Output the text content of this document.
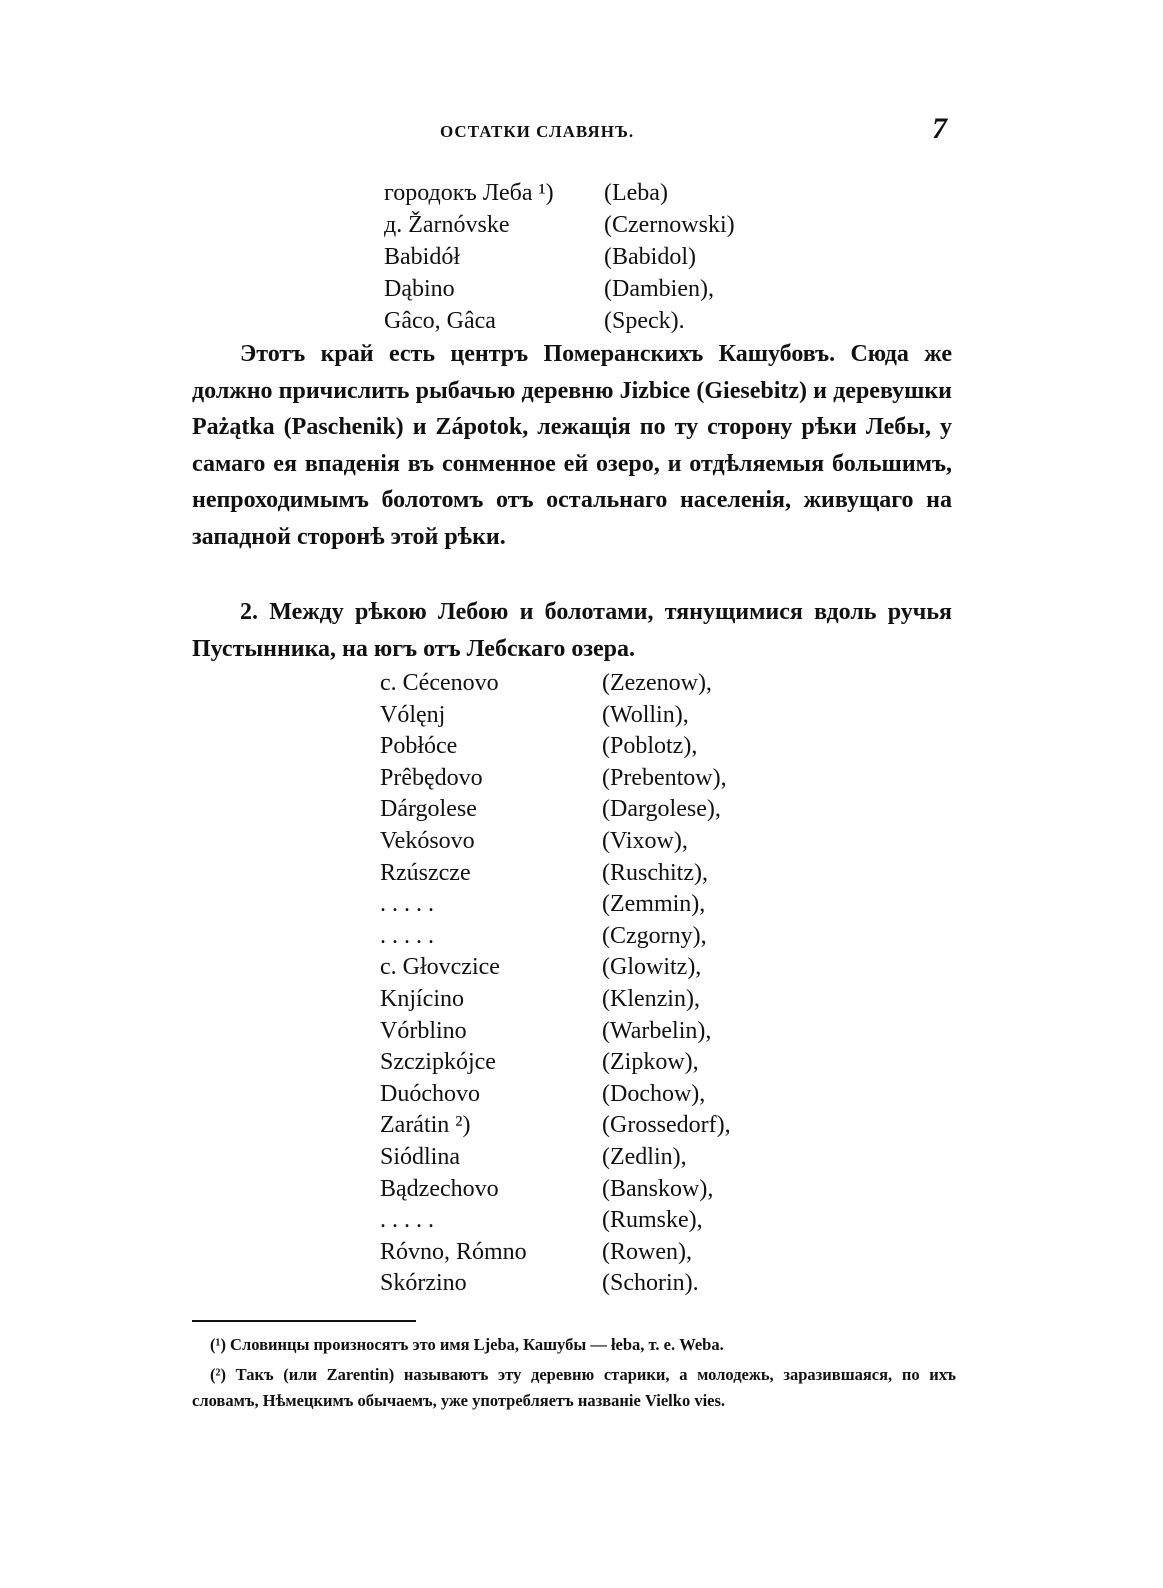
ОСТАТКИ СЛАВЯНЪ.	7
городокъ Леба ¹) (Leba)
д. Žarnóvske	(Czernowski)
Babidół	(Babidol)
Dąbino	(Dambien),
Gâco, Gâca	(Speck).
Этотъ край есть центръ Померанскихъ Кашубовъ. Сюда же должно причислить рыбачью деревню Jizbice (Giesebitz) и деревушки Pażątka (Paschenik) и Zápotok, лежащія по ту сторону рѣки Лебы, у самаго ея впаденія въ сонменное ей озеро, и отдѣляемыя большимъ, непроходимымъ болотомъ отъ остальнаго населенія, живущаго на западной сторонѣ этой рѣки.
2. Между рѣкою Лебою и болотами, тянущимися вдоль ручья Пустынника, на югъ отъ Лебскаго озера.
с. Cécenovo	(Zezenow),
Vólęnj	(Wollin),
Pobłóce	(Poblotz),
Prêbędovo	(Prebentow),
Dárgolese	(Dargolese),
Vekósovo	(Vixow),
Rzúszcze	(Ruschitz),
. . . . .	(Zemmin),
. . . . .	(Czgorny),
с. Głovczice	(Glowitz),
Knjícino	(Klenzin),
Vórblino	(Warbelin),
Szczipkójce	(Zipkow),
Duóchovo	(Dochow),
Zarátin ²)	(Grossedorf),
Siódlina	(Zedlin),
Bądzechovo	(Banskow),
. . . . .	(Rumske),
Róvno, Rómno	(Rowen),
Skórzino	(Schorin).
(¹) Словинцы произносятъ это имя Ljeba, Кашубы — łeba, т. е. Weba.
(²) Такъ (или Zarentin) называютъ эту деревню старики, а молодежь, заразившаяся, по ихъ словамъ, Нѣмецкимъ обычаемъ, уже употребляетъ названіе Vielko vies.
